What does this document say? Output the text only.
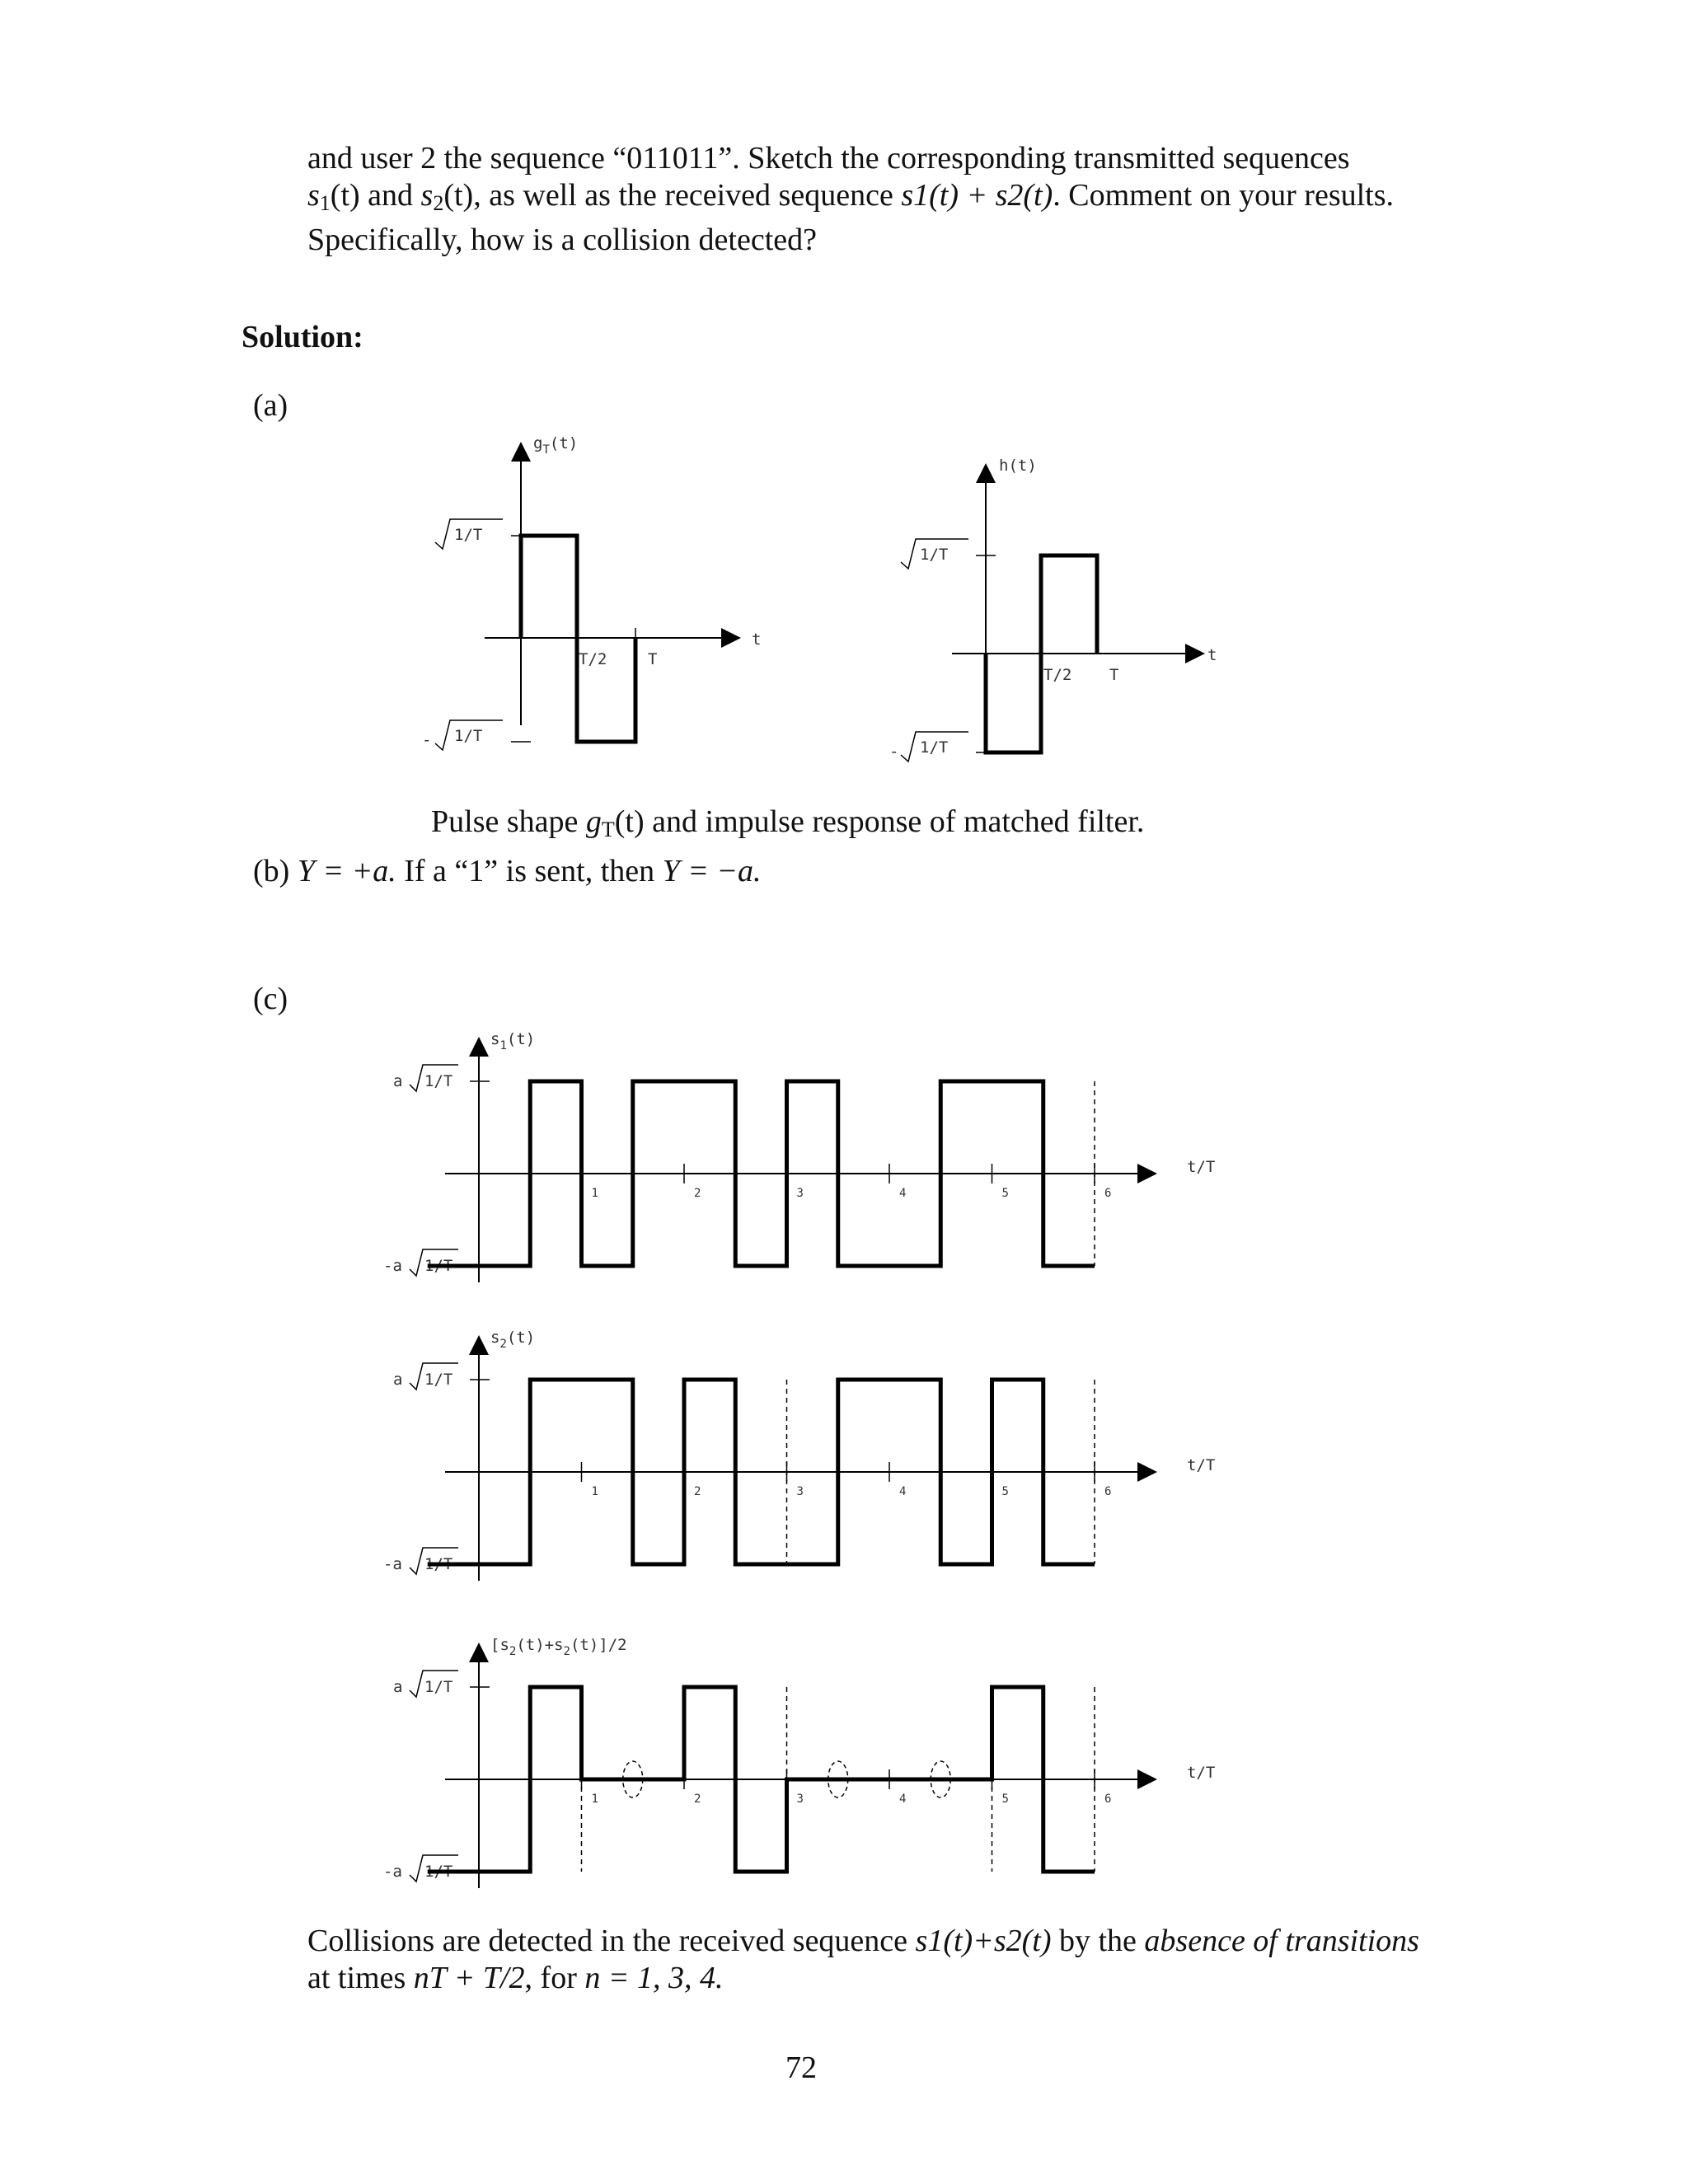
and user 2 the sequence “011011”. Sketch the corresponding transmitted sequences
$s_1(t)$ and $s_2(t)$, as well as the received sequence s1(t) + s2(t). Comment on your results.
Specifically, how is a collision detected?
Solution:
(a)
$g_T(t)$
1/T
- 1/T
T/2	T
t
h(t)
1/T
- 1/T
T/2 T
t
Pulse shape $g_T(t)$ and impulse response of matched filter.
(b) Y = +a. If a “1” is sent, then Y = −a.
(c)
$s_1(t)$
a 1/T
-a 1/T
1	2	3	4	5	6
t/T
$s_2(t)$
a 1/T
-a 1/T
1	2	3	4	5	6
t/T
$[s_2(t)+s_2(t)]/2$
a 1/T
-a 1/T
1	2	3	4	5	6
t/T
Collisions are detected in the received sequence s1(t)+s2(t) by the absence of transitions
at times nT + T/2, for n = 1, 3, 4.
72
